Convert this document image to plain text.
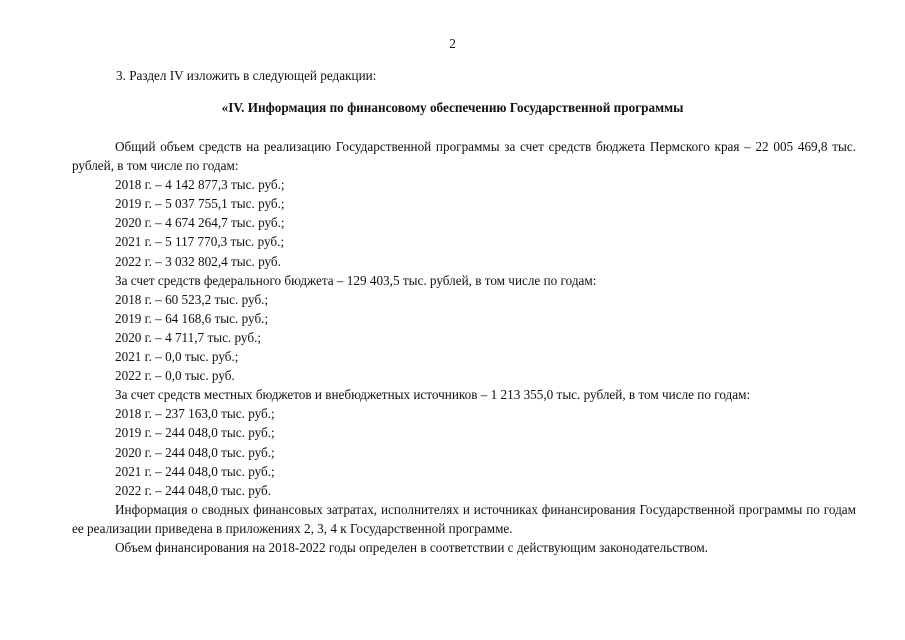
2
3. Раздел IV изложить в следующей редакции:
«IV. Информация по финансовому обеспечению Государственной программы

Общий объем средств на реализацию Государственной программы за счет средств бюджета Пермского края – 22 005 469,8 тыс. рублей, в том числе по годам:

2018 г. – 4 142 877,3 тыс. руб.;

2019 г. – 5 037 755,1 тыс. руб.;

2020 г. – 4 674 264,7 тыс. руб.;

2021 г. – 5 117 770,3 тыс. руб.;

2022 г. – 3 032 802,4 тыс. руб.

За счет средств федерального бюджета – 129 403,5 тыс. рублей, в том числе по годам:

2018 г. – 60 523,2 тыс. руб.;

2019 г. – 64 168,6 тыс. руб.;

2020 г. – 4 711,7 тыс. руб.;

2021 г. – 0,0 тыс. руб.;

2022 г. – 0,0 тыс. руб.

За счет средств местных бюджетов и внебюджетных источников – 1 213 355,0 тыс. рублей, в том числе по годам:

2018 г. – 237 163,0 тыс. руб.;

2019 г. – 244 048,0 тыс. руб.;

2020 г. – 244 048,0 тыс. руб.;

2021 г. – 244 048,0 тыс. руб.;

2022 г. – 244 048,0 тыс. руб.

Информация о сводных финансовых затратах, исполнителях и источниках финансирования Государственной программы по годам ее реализации приведена в приложениях 2, 3, 4 к Государственной программе.

Объем финансирования на 2018-2022 годы определен в соответствии с действующим законодательством.
